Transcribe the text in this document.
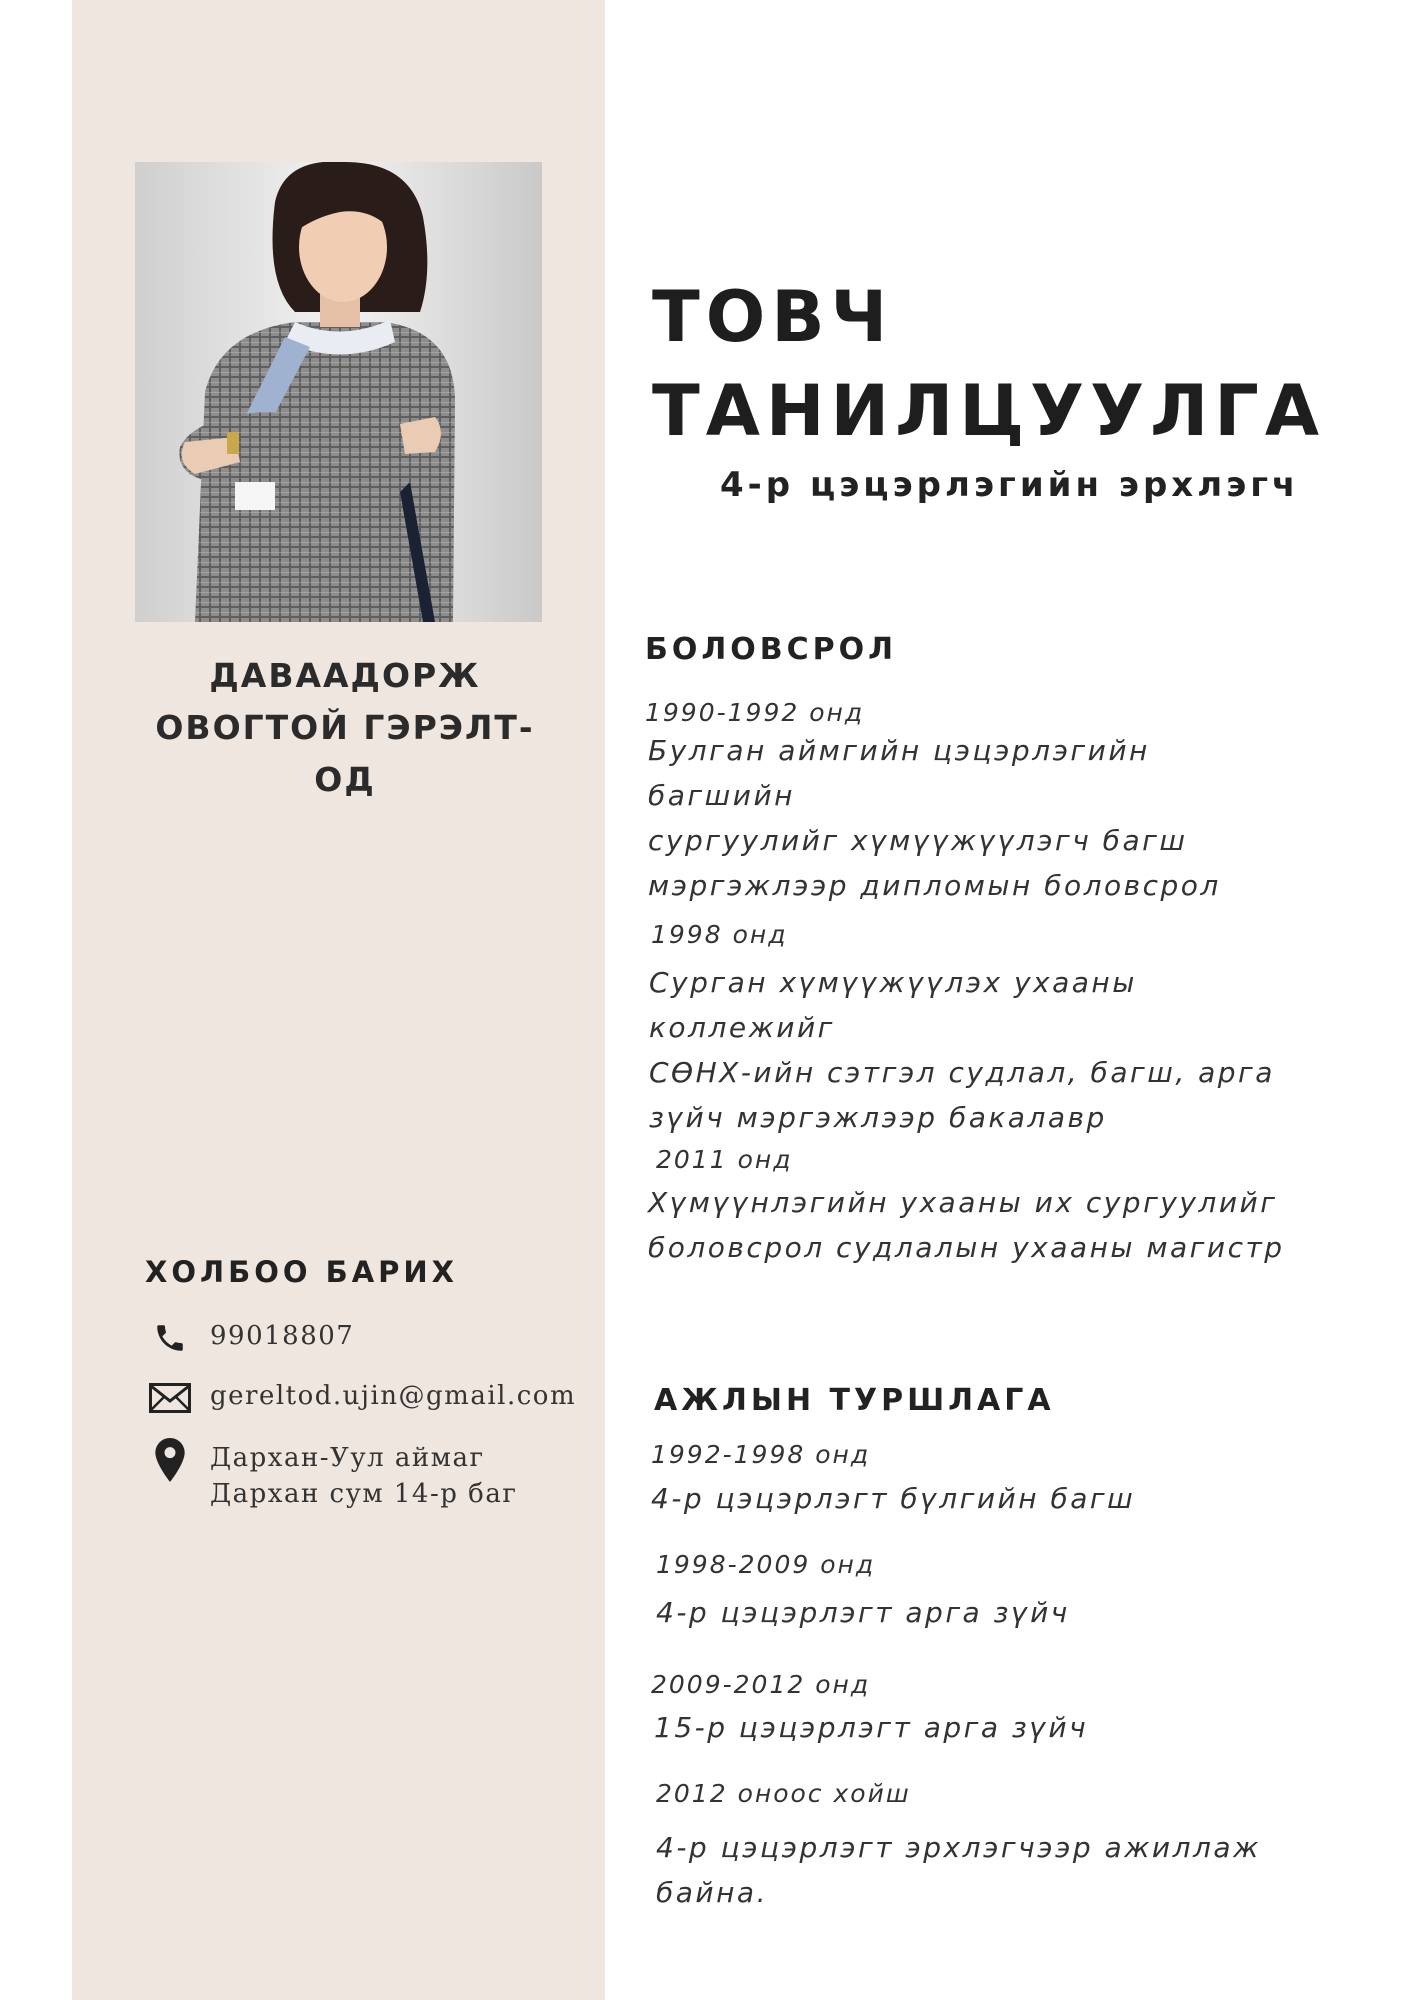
ДАВААДОРЖ
ОВОГТОЙ ГЭРЭЛТ-ОД
ХОЛБОО БАРИХ
99018807
gereltod.ujin@gmail.com
Дархан-Уул аймаг
Дархан сум 14-р баг
ТОВЧ
ТАНИЛЦУУЛГА
4-р цэцэрлэгийн эрхлэгч
БОЛОВСРОЛ
1990-1992 онд
Булган аймгийн цэцэрлэгийн багшийн
сургуулийг хүмүүжүүлэгч багш
мэргэжлээр дипломын боловсрол
1998 онд
Сурган хүмүүжүүлэх ухааны коллежийг
СӨНХ-ийн сэтгэл судлал, багш, арга
зүйч мэргэжлээр бакалавр
2011 онд
Хүмүүнлэгийн ухааны их сургуулийг
боловсрол судлалын ухааны магистр
АЖЛЫН ТУРШЛАГА
1992-1998 онд
4-р цэцэрлэгт бүлгийн багш
1998-2009 онд
4-р цэцэрлэгт арга зүйч
2009-2012 онд
15-р цэцэрлэгт арга зүйч
2012 оноос хойш
4-р цэцэрлэгт эрхлэгчээр ажиллаж
байна.
